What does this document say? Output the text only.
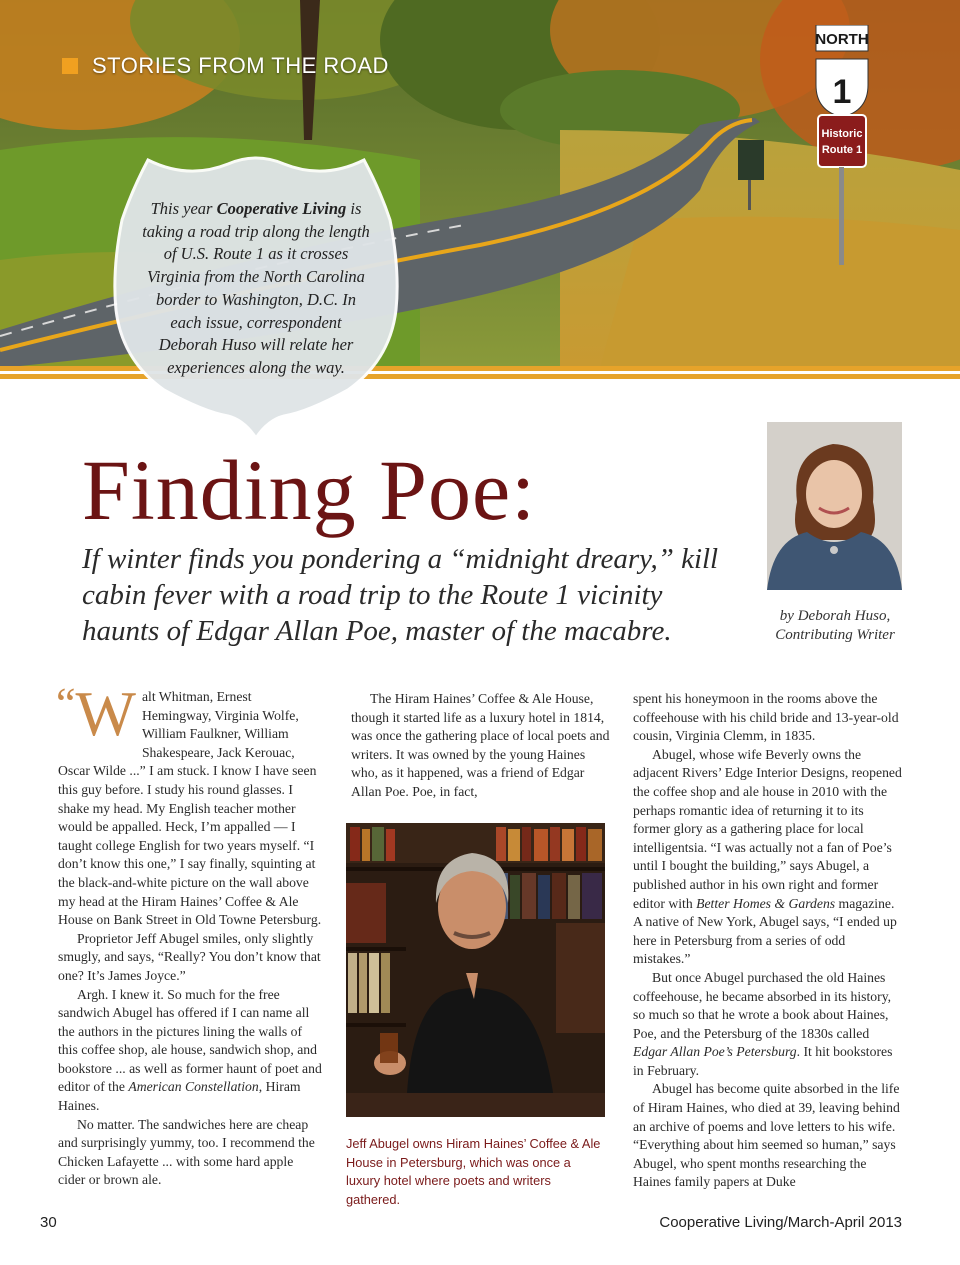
STORIES FROM THE ROAD
NORTH
1
Historic
Route 1
This year Cooperative Living is taking a road trip along the length of U.S. Route 1 as it crosses Virginia from the North Carolina border to Washington, D.C. In each issue, correspondent Deborah Huso will relate her experiences along the way.
Finding Poe:
If winter finds you pondering a “midnight dreary,” kill cabin fever with a road trip to the Route 1 vicinity haunts of Edgar Allan Poe, master of the macabre.	by Deborah Huso,
Contributing Writer

“ W alt Whitman, Ernest Hemingway, Virginia Wolfe, William Faulkner, William Shakespeare, Jack Kerouac, Oscar Wilde ...” I am stuck. I know I have seen this guy before. I study his round glasses. I shake my head. My English teacher mother would be appalled. Heck, I’m appalled — I taught college English for two years myself. “I don’t know this one,” I say finally, squinting at the black-and-white picture on the wall above my head at the Hiram Haines’ Coffee & Ale House on Bank Street in Old Towne Petersburg.

Proprietor Jeff Abugel smiles, only slightly smugly, and says, “Really? You don’t know that one? It’s James Joyce.”

Argh. I knew it. So much for the free sandwich Abugel has offered if I can name all the authors in the pictures lining the walls of this coffee shop, ale house, sandwich shop, and bookstore ... as well as former haunt of poet and editor of the American Constellation, Hiram Haines.

No matter. The sandwiches here are cheap and surprisingly yummy, too. I recommend the Chicken Lafayette ... with some hard apple cider or brown ale.

The Hiram Haines’ Coffee & Ale House, though it started life as a luxury hotel in 1814, was once the gathering place of local poets and writers. It was owned by the young Haines who, as it happened, was a friend of Edgar Allan Poe. Poe, in fact,

Jeff Abugel owns Hiram Haines’ Coffee & Ale House in Petersburg, which was once a luxury hotel where poets and writers gathered.

spent his honeymoon in the rooms above the coffeehouse with his child bride and 13-year-old cousin, Virginia Clemm, in 1835.

Abugel, whose wife Beverly owns the adjacent Rivers’ Edge Interior Designs, reopened the coffee shop and ale house in 2010 with the perhaps romantic idea of returning it to its former glory as a gathering place for local intelligentsia. “I was actually not a fan of Poe’s until I bought the building,” says Abugel, a published author in his own right and former editor with Better Homes & Gardens magazine. A native of New York, Abugel says, “I ended up here in Petersburg from a series of odd mistakes.”

But once Abugel purchased the old Haines coffeehouse, he became absorbed in its history, so much so that he wrote a book about Haines, Poe, and the Petersburg of the 1830s called Edgar Allan Poe’s Petersburg. It hit bookstores in February.

Abugel has become quite absorbed in the life of Hiram Haines, who died at 39, leaving behind an archive of poems and love letters to his wife. “Everything about him seemed so human,” says Abugel, who spent months researching the Haines family papers at Duke

30	Cooperative Living/March-April 2013
